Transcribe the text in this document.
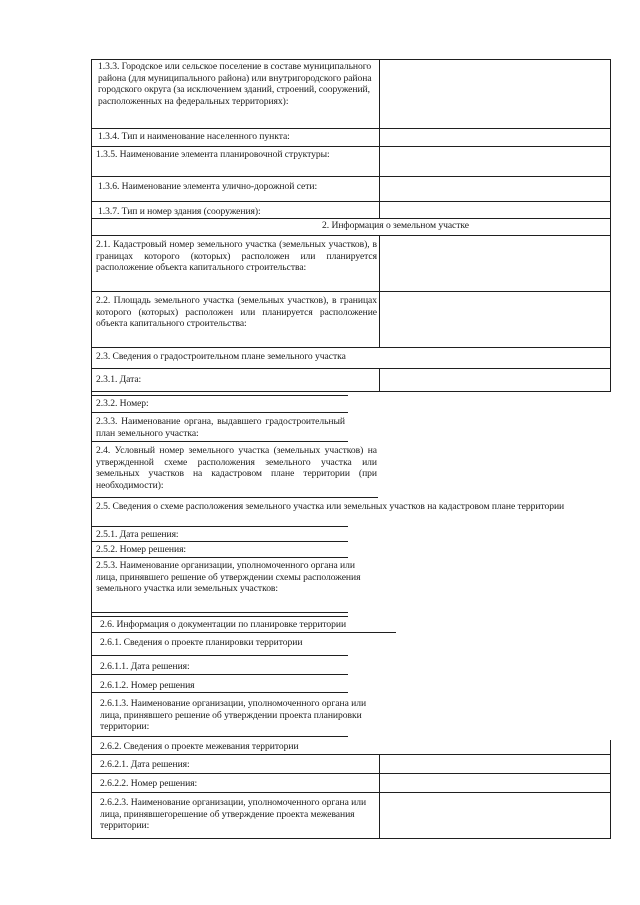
1.3.3. Городское или сельское поселение в составе муниципального района (для муниципального района) или внутригородского района городского округа (за исключением зданий, строений, сооружений, расположенных на федеральных территориях):
1.3.4. Тип и наименование населенного пункта:
1.3.5. Наименование элемента планировочной структуры:
1.3.6. Наименование элемента улично-дорожной сети:
1.3.7. Тип и номер здания (сооружения):
2. Информация о земельном участке
2.1. Кадастровый номер земельного участка (земельных участков), в границах которого (которых) расположен или планируется расположение объекта капитального строительства:
2.2. Площадь земельного участка (земельных участков), в границах которого (которых) расположен или планируется расположение объекта капитального строительства:
2.3. Сведения о градостроительном плане земельного участка
2.3.1. Дата:
2.3.2. Номер:
2.3.3. Наименование органа, выдавшего градостроительный план земельного участка:
2.4. Условный номер земельного участка (земельных участков) на утвержденной схеме расположения земельного участка или земельных участков на кадастровом плане территории (при необходимости):
2.5. Сведения о схеме расположения земельного участка или земельных участков на кадастровом плане территории
2.5.1. Дата решения:
2.5.2. Номер решения:
2.5.3. Наименование организации, уполномоченного органа или лица, принявшего решение об утверждении схемы расположения земельного участка или земельных участков:
2.6. Информация о документации по планировке территории
2.6.1. Сведения о проекте планировки территории
2.6.1.1. Дата решения:
2.6.1.2. Номер решения
2.6.1.3. Наименование организации, уполномоченного органа или лица, принявшего решение об утверждении проекта планировки территории:
2.6.2. Сведения о проекте межевания территории
2.6.2.1. Дата решения:
2.6.2.2. Номер решения:
2.6.2.3. Наименование организации, уполномоченного органа или лица, принявшегорешение об утверждение проекта межевания территории:
